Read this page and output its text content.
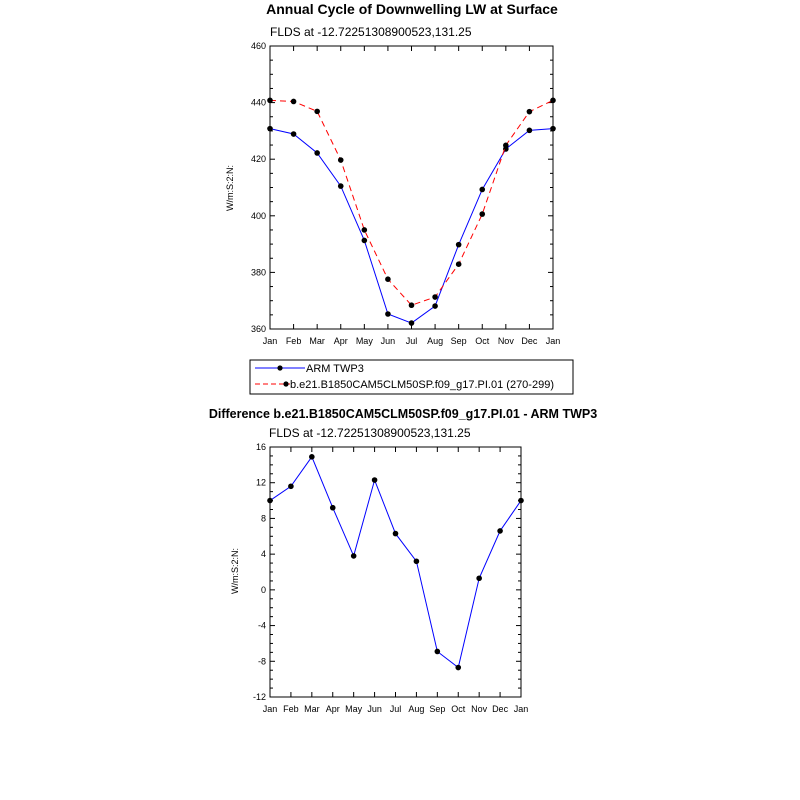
Annual Cycle of Downwelling LW at Surface
FLDS at -12.72251308900523,131.25
W/m:S:2:N:
360
380
400
420
440
460
Jan Feb Mar Apr May Jun Jul Aug Sep Oct Nov Dec Jan
ARM TWP3
b.e21.B1850CAM5CLM50SP.f09_g17.PI.01 (270-299)
Difference b.e21.B1850CAM5CLM50SP.f09_g17.PI.01 - ARM TWP3
FLDS at -12.72251308900523,131.25
W/m:S:2:N:
-12
-8
-4
0
4
8
12
16
Jan Feb Mar Apr May Jun Jul Aug Sep Oct Nov Dec Jan
